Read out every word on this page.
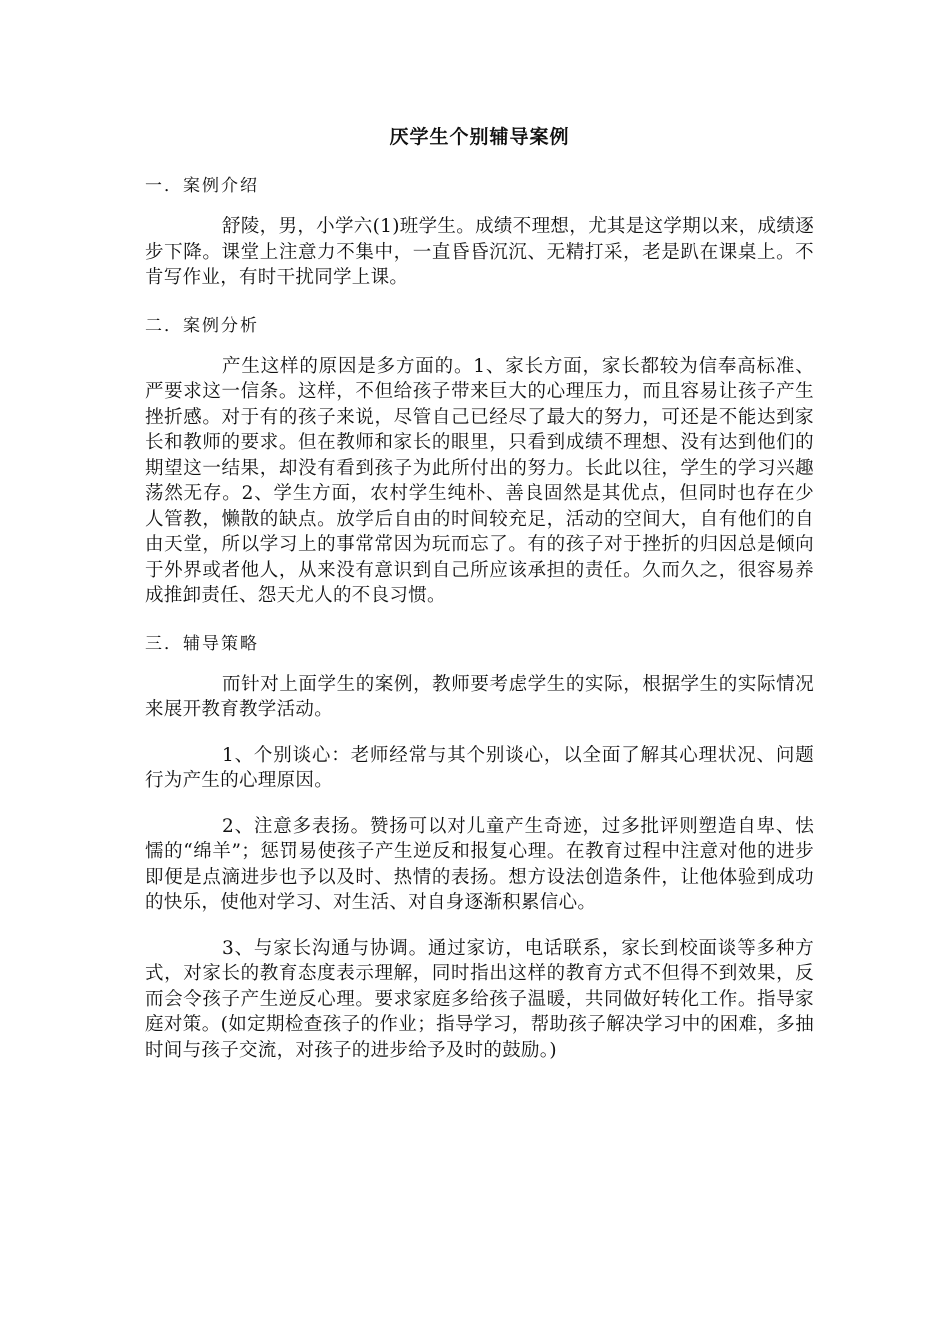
厌学生个别辅导案例
一．案例介绍

舒陵，男，小学六(1)班学生。成绩不理想，尤其是这学期以来，成绩逐步下降。课堂上注意力不集中，一直昏昏沉沉、无精打采，老是趴在课桌上。不肯写作业，有时干扰同学上课。

二．案例分析

产生这样的原因是多方面的。1、家长方面，家长都较为信奉高标准、严要求这一信条。这样，不但给孩子带来巨大的心理压力，而且容易让孩子产生挫折感。对于有的孩子来说，尽管自己已经尽了最大的努力，可还是不能达到家长和教师的要求。但在教师和家长的眼里，只看到成绩不理想、没有达到他们的期望这一结果，却没有看到孩子为此所付出的努力。长此以往，学生的学习兴趣荡然无存。2、学生方面，农村学生纯朴、善良固然是其优点，但同时也存在少人管教，懒散的缺点。放学后自由的时间较充足，活动的空间大，自有他们的自由天堂，所以学习上的事常常因为玩而忘了。有的孩子对于挫折的归因总是倾向于外界或者他人，从来没有意识到自己所应该承担的责任。久而久之，很容易养成推卸责任、怨天尤人的不良习惯。

三．辅导策略

而针对上面学生的案例，教师要考虑学生的实际，根据学生的实际情况来展开教育教学活动。

1、个别谈心：老师经常与其个别谈心，以全面了解其心理状况、问题行为产生的心理原因。

2、注意多表扬。赞扬可以对儿童产生奇迹，过多批评则塑造自卑、怯懦的“绵羊”；惩罚易使孩子产生逆反和报复心理。在教育过程中注意对他的进步即便是点滴进步也予以及时、热情的表扬。想方设法创造条件，让他体验到成功的快乐，使他对学习、对生活、对自身逐渐积累信心。

3、与家长沟通与协调。通过家访，电话联系，家长到校面谈等多种方式，对家长的教育态度表示理解，同时指出这样的教育方式不但得不到效果，反而会令孩子产生逆反心理。要求家庭多给孩子温暖，共同做好转化工作。指导家庭对策。(如定期检查孩子的作业；指导学习，帮助孩子解决学习中的困难，多抽时间与孩子交流，对孩子的进步给予及时的鼓励。)
